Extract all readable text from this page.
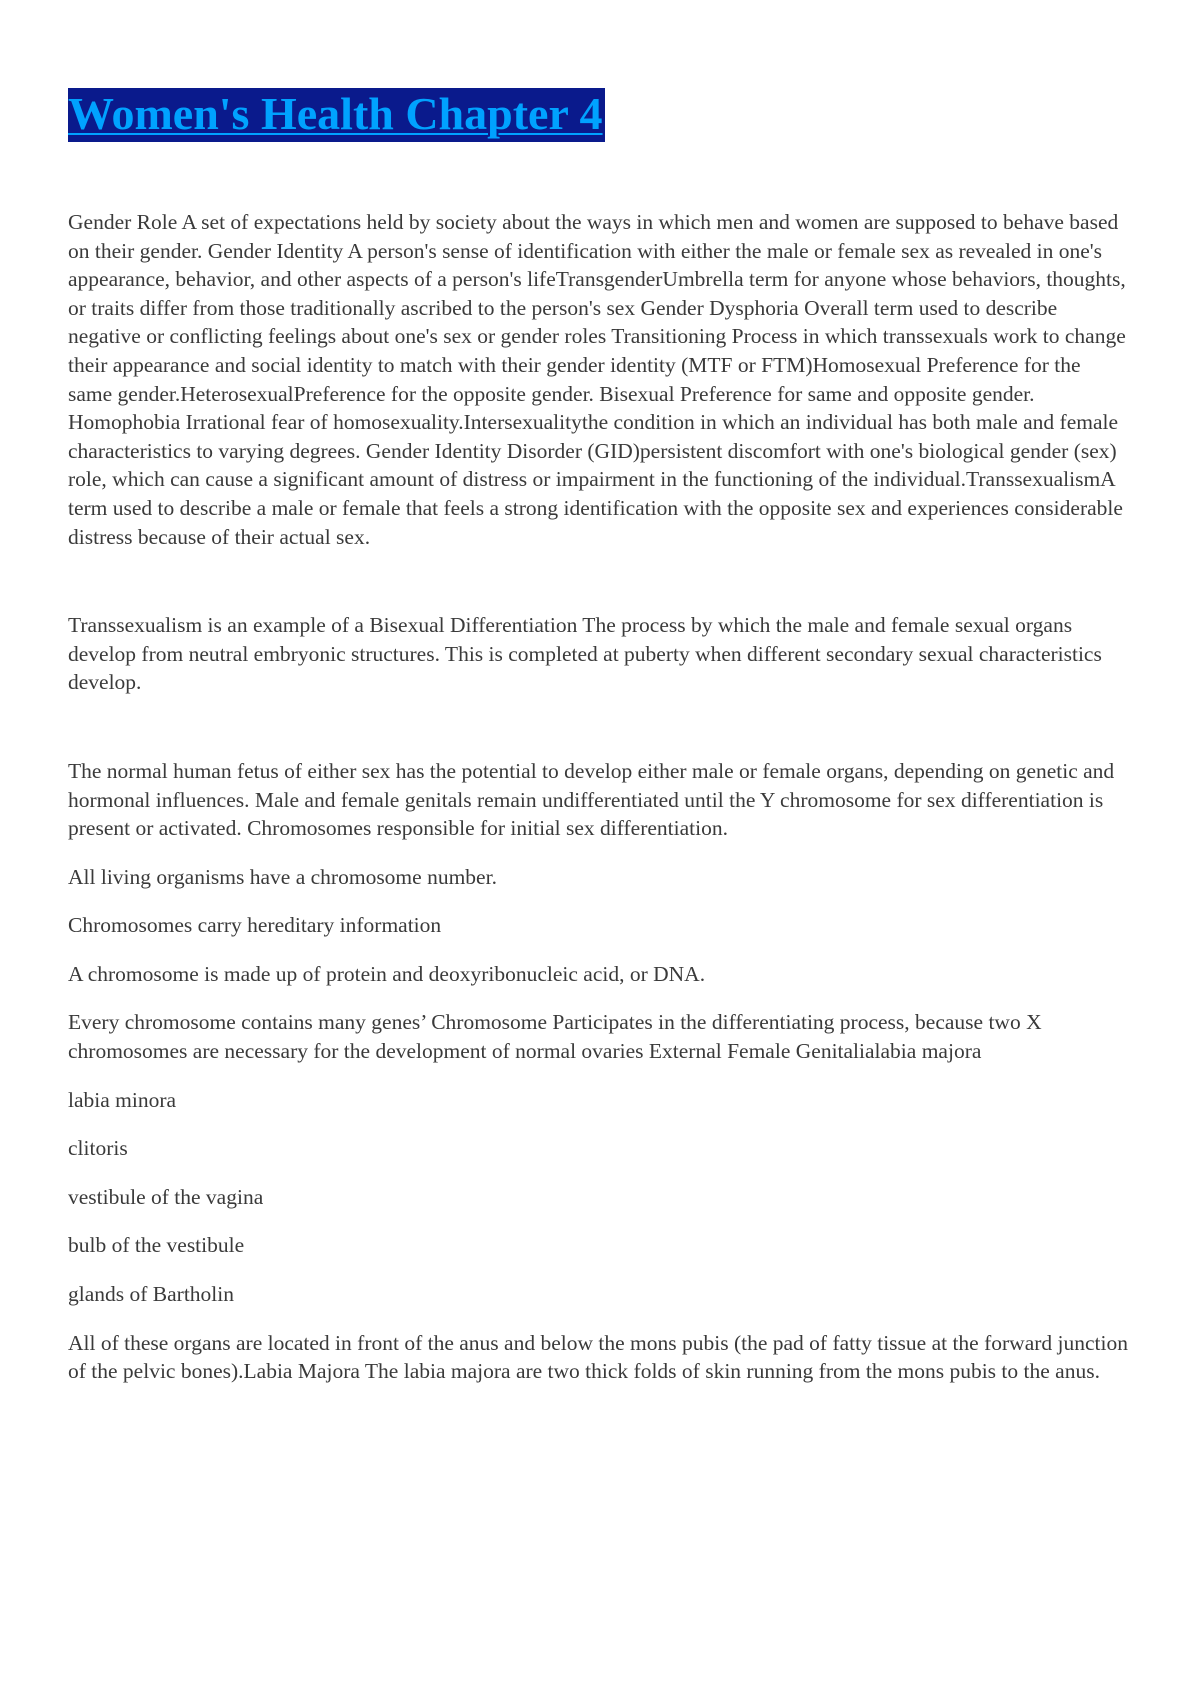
Women's Health Chapter 4

Gender Role A set of expectations held by society about the ways in which men and women are supposed to behave based on their gender. Gender Identity A person's sense of identification with either the male or female sex as revealed in one's appearance, behavior, and other aspects of a person's lifeTransgenderUmbrella term for anyone whose behaviors, thoughts, or traits differ from those traditionally ascribed to the person's sex Gender Dysphoria Overall term used to describe negative or conflicting feelings about one's sex or gender roles Transitioning Process in which transsexuals work to change their appearance and social identity to match with their gender identity (MTF or FTM)Homosexual Preference for the same gender.HeterosexualPreference for the opposite gender. Bisexual Preference for same and opposite gender. Homophobia Irrational fear of homosexuality.Intersexualitythe condition in which an individual has both male and female characteristics to varying degrees. Gender Identity Disorder (GID)persistent discomfort with one's biological gender (sex) role, which can cause a significant amount of distress or impairment in the functioning of the individual.TranssexualismA term used to describe a male or female that feels a strong identification with the opposite sex and experiences considerable distress because of their actual sex.

Transsexualism is an example of a Bisexual Differentiation The process by which the male and female sexual organs develop from neutral embryonic structures. This is completed at puberty when different secondary sexual characteristics develop.

The normal human fetus of either sex has the potential to develop either male or female organs, depending on genetic and hormonal influences. Male and female genitals remain undifferentiated until the Y chromosome for sex differentiation is present or activated. Chromosomes responsible for initial sex differentiation.

All living organisms have a chromosome number.

Chromosomes carry hereditary information

A chromosome is made up of protein and deoxyribonucleic acid, or DNA.

Every chromosome contains many genes’ Chromosome Participates in the differentiating process, because two X chromosomes are necessary for the development of normal ovaries External Female Genitalialabia majora

labia minora

clitoris

vestibule of the vagina

bulb of the vestibule

glands of Bartholin

All of these organs are located in front of the anus and below the mons pubis (the pad of fatty tissue at the forward junction of the pelvic bones).Labia Majora The labia majora are two thick folds of skin running from the mons pubis to the anus.
